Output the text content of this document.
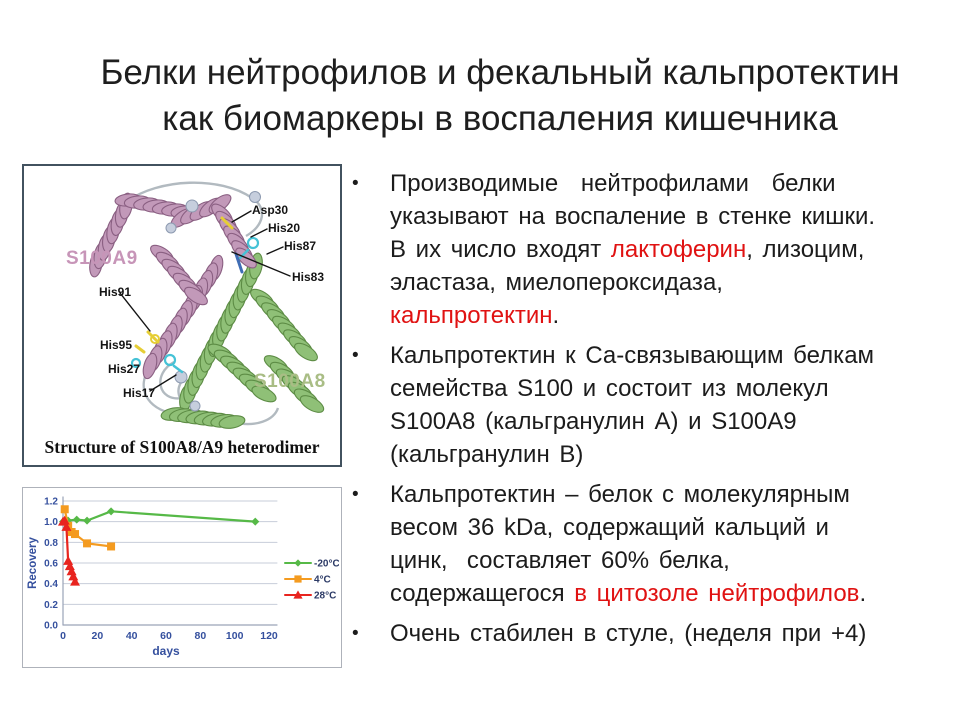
Белки нейтрофилов и фекальный кальпротектин
как биомаркеры в воспаления кишечника
S100A9
Asp30
His20
His87
His83
His91
His95
His27
His17
S100A8
Structure of S100A8/A9 heterodimer
0.0
0.2
0.4
0.6
0.8
1.0
1.2
0 20 40 60 80 100 120
days
Recovery	-20°C
4°C
28°C
•	Производимые нейтрофилами белки
указывают на воспаление в стенке кишки.
В их число входят лактоферин, лизоцим,
эластаза, миелопероксидаза,
кальпротектин.
•	Кальпротектин к Са-связывающим белкам
семейства S100 и состоит из молекул
S100A8 (кальгранулин А) и S100A9
(кальгранулин В)
•	Кальпротектин – белок с молекулярным
весом 36 kDa, содержащий кальций и
цинк,  составляет 60% белка,
содержащегося в цитозоле нейтрофилов.
•	Очень стабилен в стуле, (неделя при +4)
